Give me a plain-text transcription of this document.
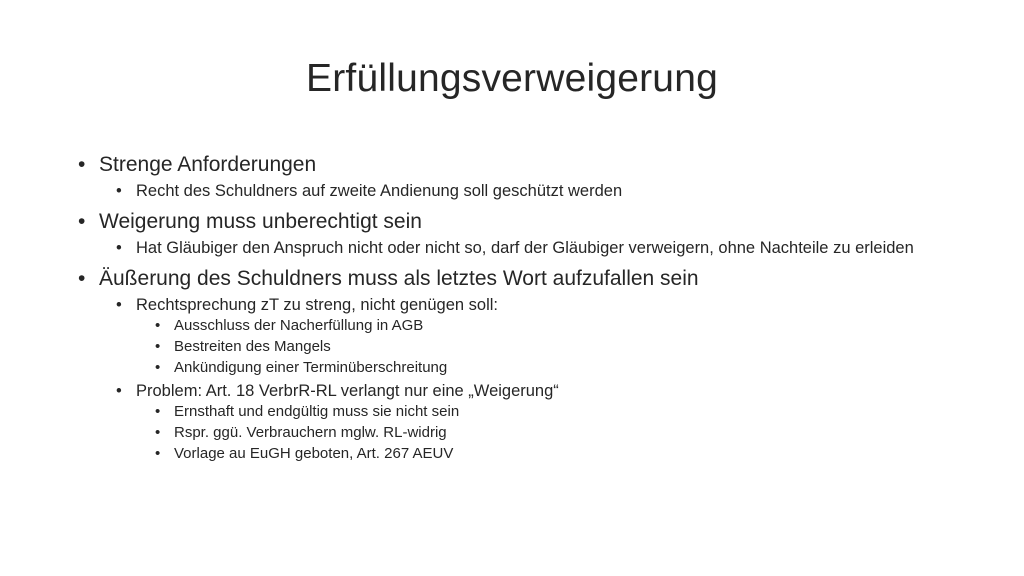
Erfüllungsverweigerung
• Strenge Anforderungen
• Recht des Schuldners auf zweite Andienung soll geschützt werden
• Weigerung muss unberechtigt sein
• Hat Gläubiger den Anspruch nicht oder nicht so, darf der Gläubiger verweigern, ohne Nachteile zu erleiden
• Äußerung des Schuldners muss als letztes Wort aufzufallen sein
• Rechtsprechung zT zu streng, nicht genügen soll:
• Ausschluss der Nacherfüllung in AGB
• Bestreiten des Mangels
• Ankündigung einer Terminüberschreitung
• Problem: Art. 18 VerbrR-RL verlangt nur eine „Weigerung“
• Ernsthaft und endgültig muss sie nicht sein
• Rspr. ggü. Verbrauchern mglw. RL-widrig
• Vorlage au EuGH geboten, Art. 267 AEUV
